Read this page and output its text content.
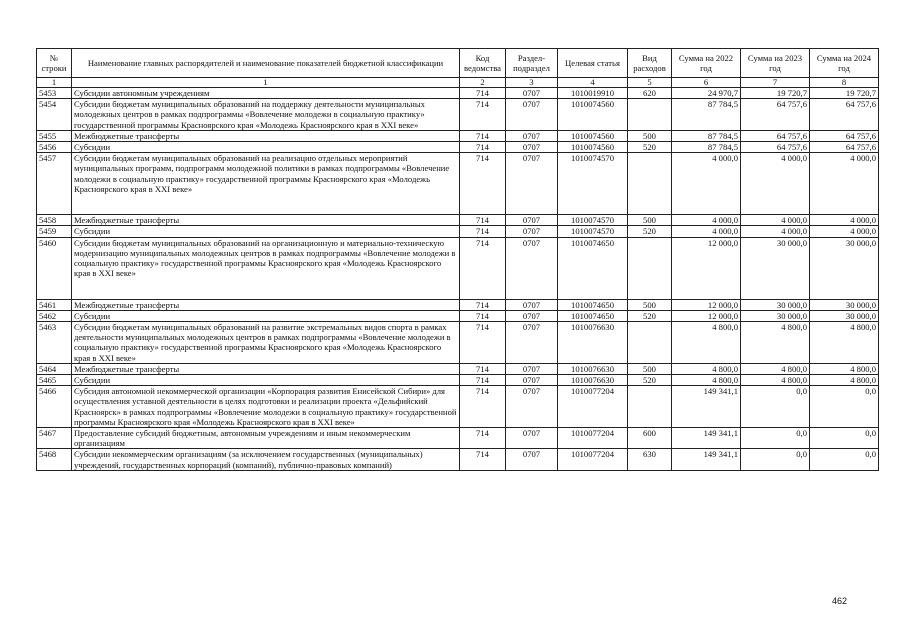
№ строки	Наименование главных распорядителей и наименование показателей бюджетной классификации	Код ведомства	Раздел-подраздел	Целевая статья	Вид расходов	Сумма на 2022 год	Сумма на 2023 год	Сумма на 2024 год
1	1	2	3	4	5	6	7	8
5453	Субсидии автономным учреждениям	714	0707	1010019910	620	24 970,7	19 720,7	19 720,7
5454	Субсидии бюджетам муниципальных образований на поддержку деятельности муниципальных молодежных центров в рамках подпрограммы «Вовлечение молодежи в социальную практику» государственной программы Красноярского края «Молодежь Красноярского края в XXI веке»	714	0707	1010074560		87 784,5	64 757,6	64 757,6
5455	Межбюджетные трансферты	714	0707	1010074560	500	87 784,5	64 757,6	64 757,6
5456	Субсидии	714	0707	1010074560	520	87 784,5	64 757,6	64 757,6
5457	Субсидии бюджетам муниципальных образований на реализацию отдельных мероприятий муниципальных программ, подпрограмм молодежной политики в рамках подпрограммы «Вовлечение молодежи в социальную практику» государственной программы Красноярского края «Молодежь Красноярского края в XXI веке»	714	0707	1010074570		4 000,0	4 000,0	4 000,0
5458	Межбюджетные трансферты	714	0707	1010074570	500	4 000,0	4 000,0	4 000,0
5459	Субсидии	714	0707	1010074570	520	4 000,0	4 000,0	4 000,0
5460	Субсидии бюджетам муниципальных образований на организационную и материально-техническую модернизацию муниципальных молодежных центров в рамках подпрограммы «Вовлечение молодежи в социальную практику» государственной программы Красноярского края «Молодежь Красноярского края в XXI веке»	714	0707	1010074650		12 000,0	30 000,0	30 000,0
5461	Межбюджетные трансферты	714	0707	1010074650	500	12 000,0	30 000,0	30 000,0
5462	Субсидии	714	0707	1010074650	520	12 000,0	30 000,0	30 000,0
5463	Субсидии бюджетам муниципальных образований на развитие экстремальных видов спорта в рамках деятельности муниципальных молодежных центров в рамках подпрограммы «Вовлечение молодежи в социальную практику» государственной программы Красноярского края «Молодежь Красноярского края в XXI веке»	714	0707	1010076630		4 800,0	4 800,0	4 800,0
5464	Межбюджетные трансферты	714	0707	1010076630	500	4 800,0	4 800,0	4 800,0
5465	Субсидии	714	0707	1010076630	520	4 800,0	4 800,0	4 800,0
5466	Субсидия автономной некоммерческой организации «Корпорация развития Енисейской Сибири» для осуществления уставной деятельности в целях подготовки и реализации проекта «Дельфийский Красноярск» в рамках подпрограммы «Вовлечение молодежи в социальную практику» государственной программы Красноярского края «Молодежь Красноярского края в XXI веке»	714	0707	1010077204		149 341,1	0,0	0,0
5467	Предоставление субсидий бюджетным, автономным учреждениям и иным некоммерческим организациям	714	0707	1010077204	600	149 341,1	0,0	0,0
5468	Субсидии некоммерческим организациям (за исключением государственных (муниципальных) учреждений, государственных корпораций (компаний), публично-правовых компаний)	714	0707	1010077204	630	149 341,1	0,0	0,0
462
